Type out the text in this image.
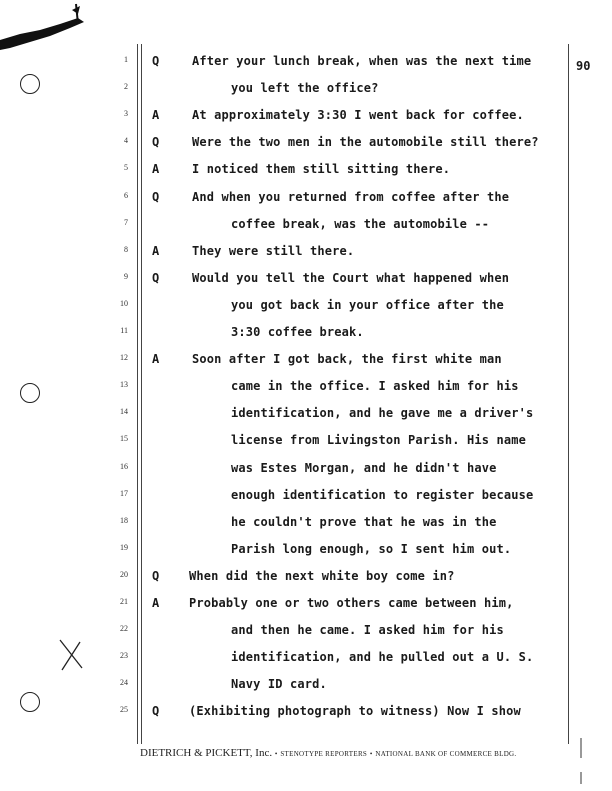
90
1 Q	After your lunch break, when was the next time
2	you left the office?
3 A	At approximately 3:30 I went back for coffee.
4 Q	Were the two men in the automobile still there?
5 A	I noticed them still sitting there.
6 Q	And when you returned from coffee after the
7	coffee break, was the automobile --
8 A	They were still there.
9 Q	Would you tell the Court what happened when
10	you got back in your office after the
11	3:30 coffee break.
12 A	Soon after I got back, the first white man
13	came in the office. I asked him for his
14	identification, and he gave me a driver's
15	license from Livingston Parish. His name
16	was Estes Morgan, and he didn't have
17	enough identification to register because
18	he couldn't prove that he was in the
19	Parish long enough, so I sent him out.
20 Q When did the next white boy come in?
21 A Probably one or two others came between him,
22	and then he came. I asked him for his
23	identification, and he pulled out a U. S.
24	Navy ID card.
25 Q (Exhibiting photograph to witness) Now I show
DIETRICH & PICKETT, Inc. • STENOTYPE REPORTERS • NATIONAL BANK OF COMMERCE BLDG.
